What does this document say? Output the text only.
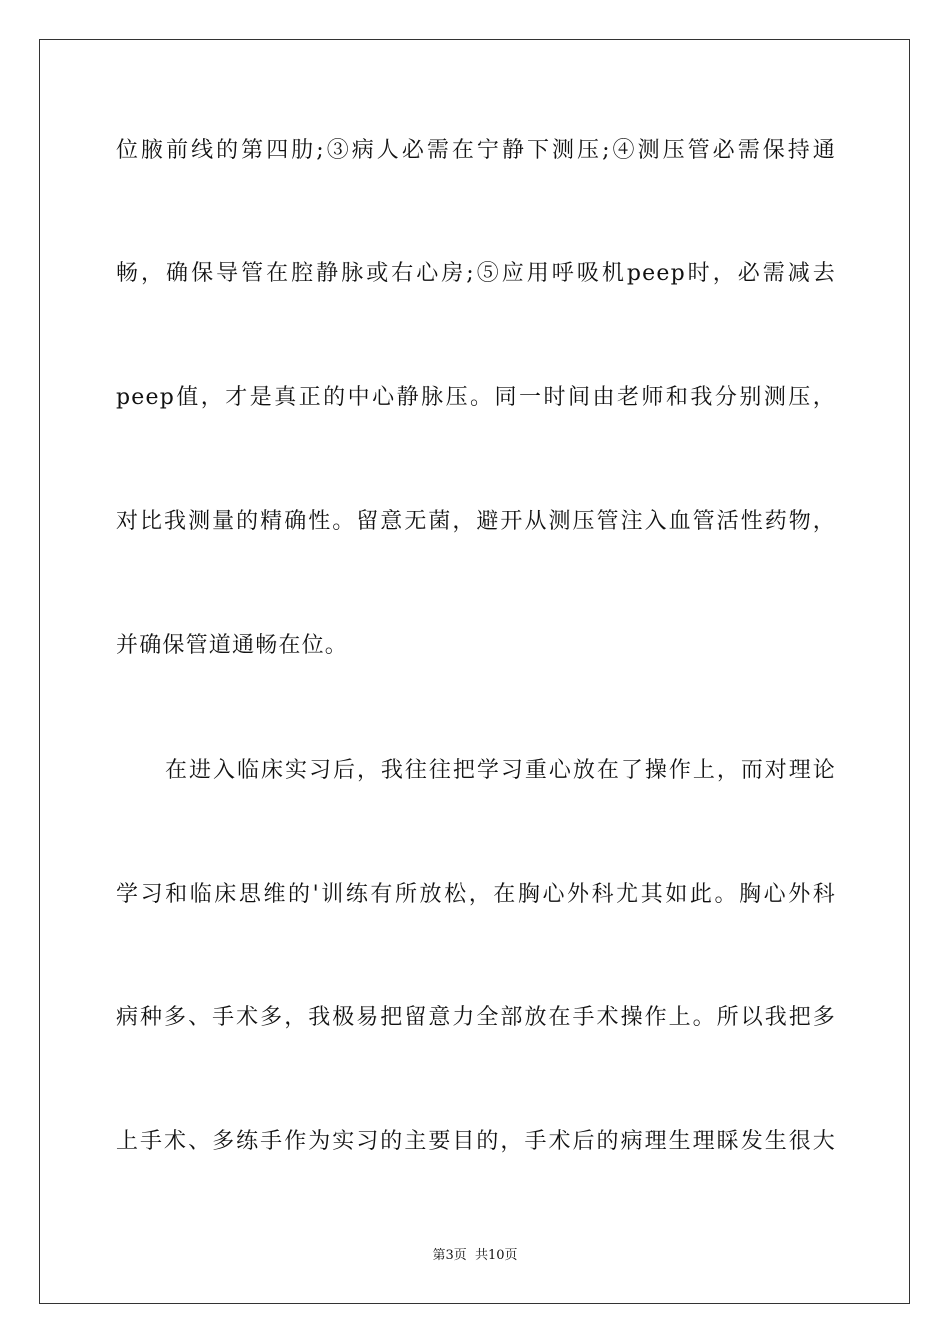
位腋前线的第四肋;③病人必需在宁静下测压;④测压管必需保持通
畅，确保导管在腔静脉或右心房;⑤应用呼吸机peep时，必需减去
peep值，才是真正的中心静脉压。同一时间由老师和我分别测压，
对比我测量的精确性。留意无菌，避开从测压管注入血管活性药物，
并确保管道通畅在位。
在进入临床实习后，我往往把学习重心放在了操作上，而对理论
学习和临床思维的'训练有所放松，在胸心外科尤其如此。胸心外科
病种多、手术多，我极易把留意力全部放在手术操作上。所以我把多
上手术、多练手作为实习的主要目的，手术后的病理生理睬发生很大
第3页  共10页
